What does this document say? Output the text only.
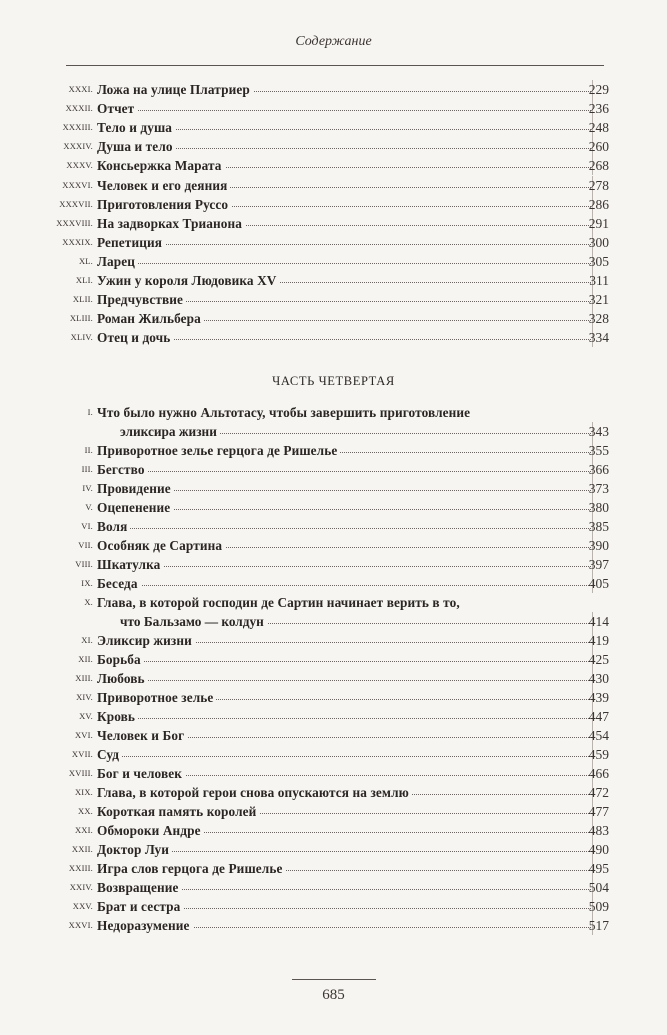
Содержание
XXXI. Ложа на улице Платриер	229
XXXII. Отчет	236
XXXIII. Тело и душа	248
XXXIV. Душа и тело	260
XXXV. Консьержка Марата	268
XXXVI. Человек и его деяния	278
XXXVII. Приготовления Руссо	286
XXXVIII. На задворках Трианона	291
XXXIX. Репетиция	300
XL. Ларец	305
XLI. Ужин у короля Людовика XV	311
XLII. Предчувствие	321
XLIII. Роман Жильбера	328
XLIV. Отец и дочь	334
ЧАСТЬ ЧЕТВЕРТАЯ
I. Что было нужно Альтотасу, чтобы завершить приготовление
эликсира жизни	343
II. Приворотное зелье герцога де Ришелье	355
III. Бегство	366
IV. Провидение	373
V. Оцепенение	380
VI. Воля	385
VII. Особняк де Сартина	390
VIII. Шкатулка	397
IX. Беседа	405
X. Глава, в которой господин де Сартин начинает верить в то,
что Бальзамо — колдун	414
XI. Эликсир жизни	419
XII. Борьба	425
XIII. Любовь	430
XIV. Приворотное зелье	439
XV. Кровь	447
XVI. Человек и Бог	454
XVII. Суд	459
XVIII. Бог и человек	466
XIX. Глава, в которой герои снова опускаются на землю	472
XX. Короткая память королей	477
XXI. Обмороки Андре	483
XXII. Доктор Луи	490
XXIII. Игра слов герцога де Ришелье	495
XXIV. Возвращение	504
XXV. Брат и сестра	509
XXVI. Недоразумение	517
685
